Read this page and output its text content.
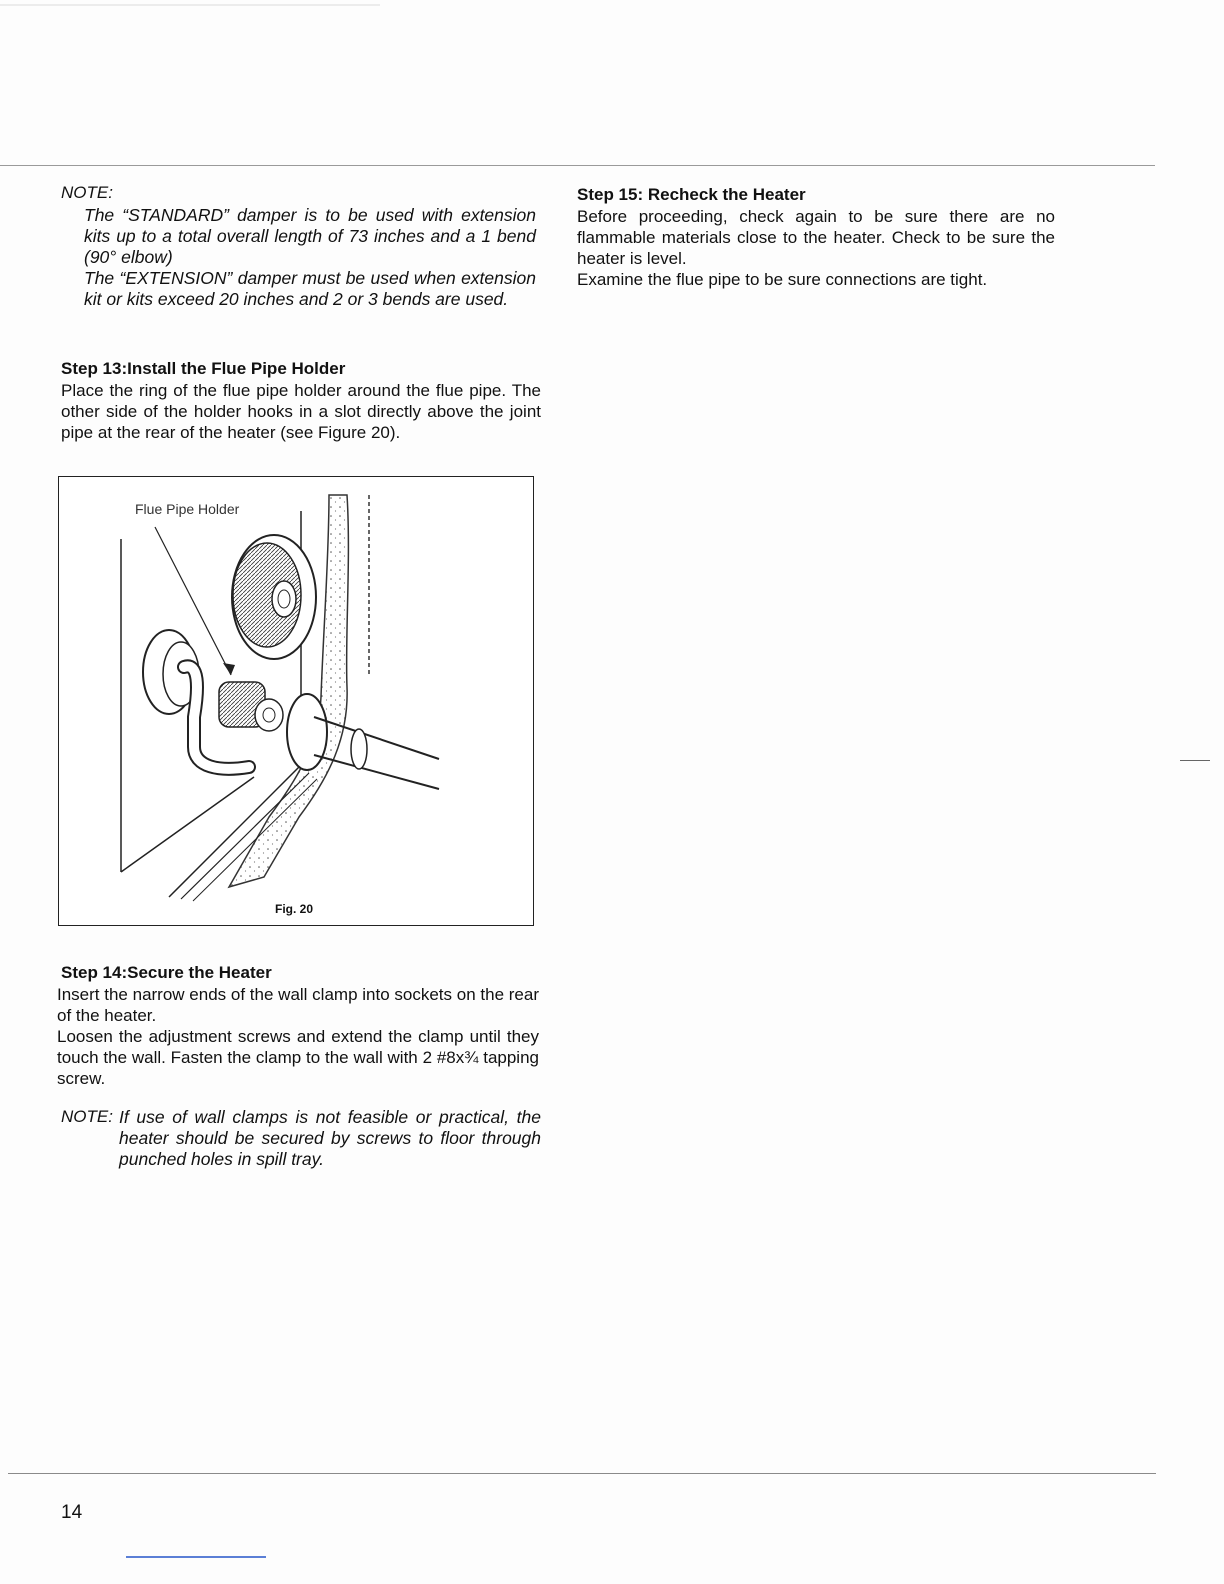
NOTE:

The “STANDARD” damper is to be used with extension kits up to a total overall length of 73 inches and a 1 bend (90° elbow)

The “EXTENSION” damper must be used when extension kit or kits exceed 20 inches and 2 or 3 bends are used.

Step 13:Install the Flue Pipe Holder

Place the ring of the flue pipe holder around the flue pipe. The other side of the holder hooks in a slot directly above the joint pipe at the rear of the heater (see Figure 20).

Flue Pipe Holder
Fig. 20
Step 14:Secure the Heater

Insert the narrow ends of the wall clamp into sockets on the rear of the heater.

Loosen the adjustment screws and extend the clamp until they touch the wall. Fasten the clamp to the wall with 2 #8x¾ tapping screw.

NOTE: If use of wall clamps is not feasible or practical, the heater should be secured by screws to floor through punched holes in spill tray.

Step 15: Recheck the Heater

Before proceeding, check again to be sure there are no flammable materials close to the heater. Check to be sure the heater is level.

Examine the flue pipe to be sure connections are tight.

14
